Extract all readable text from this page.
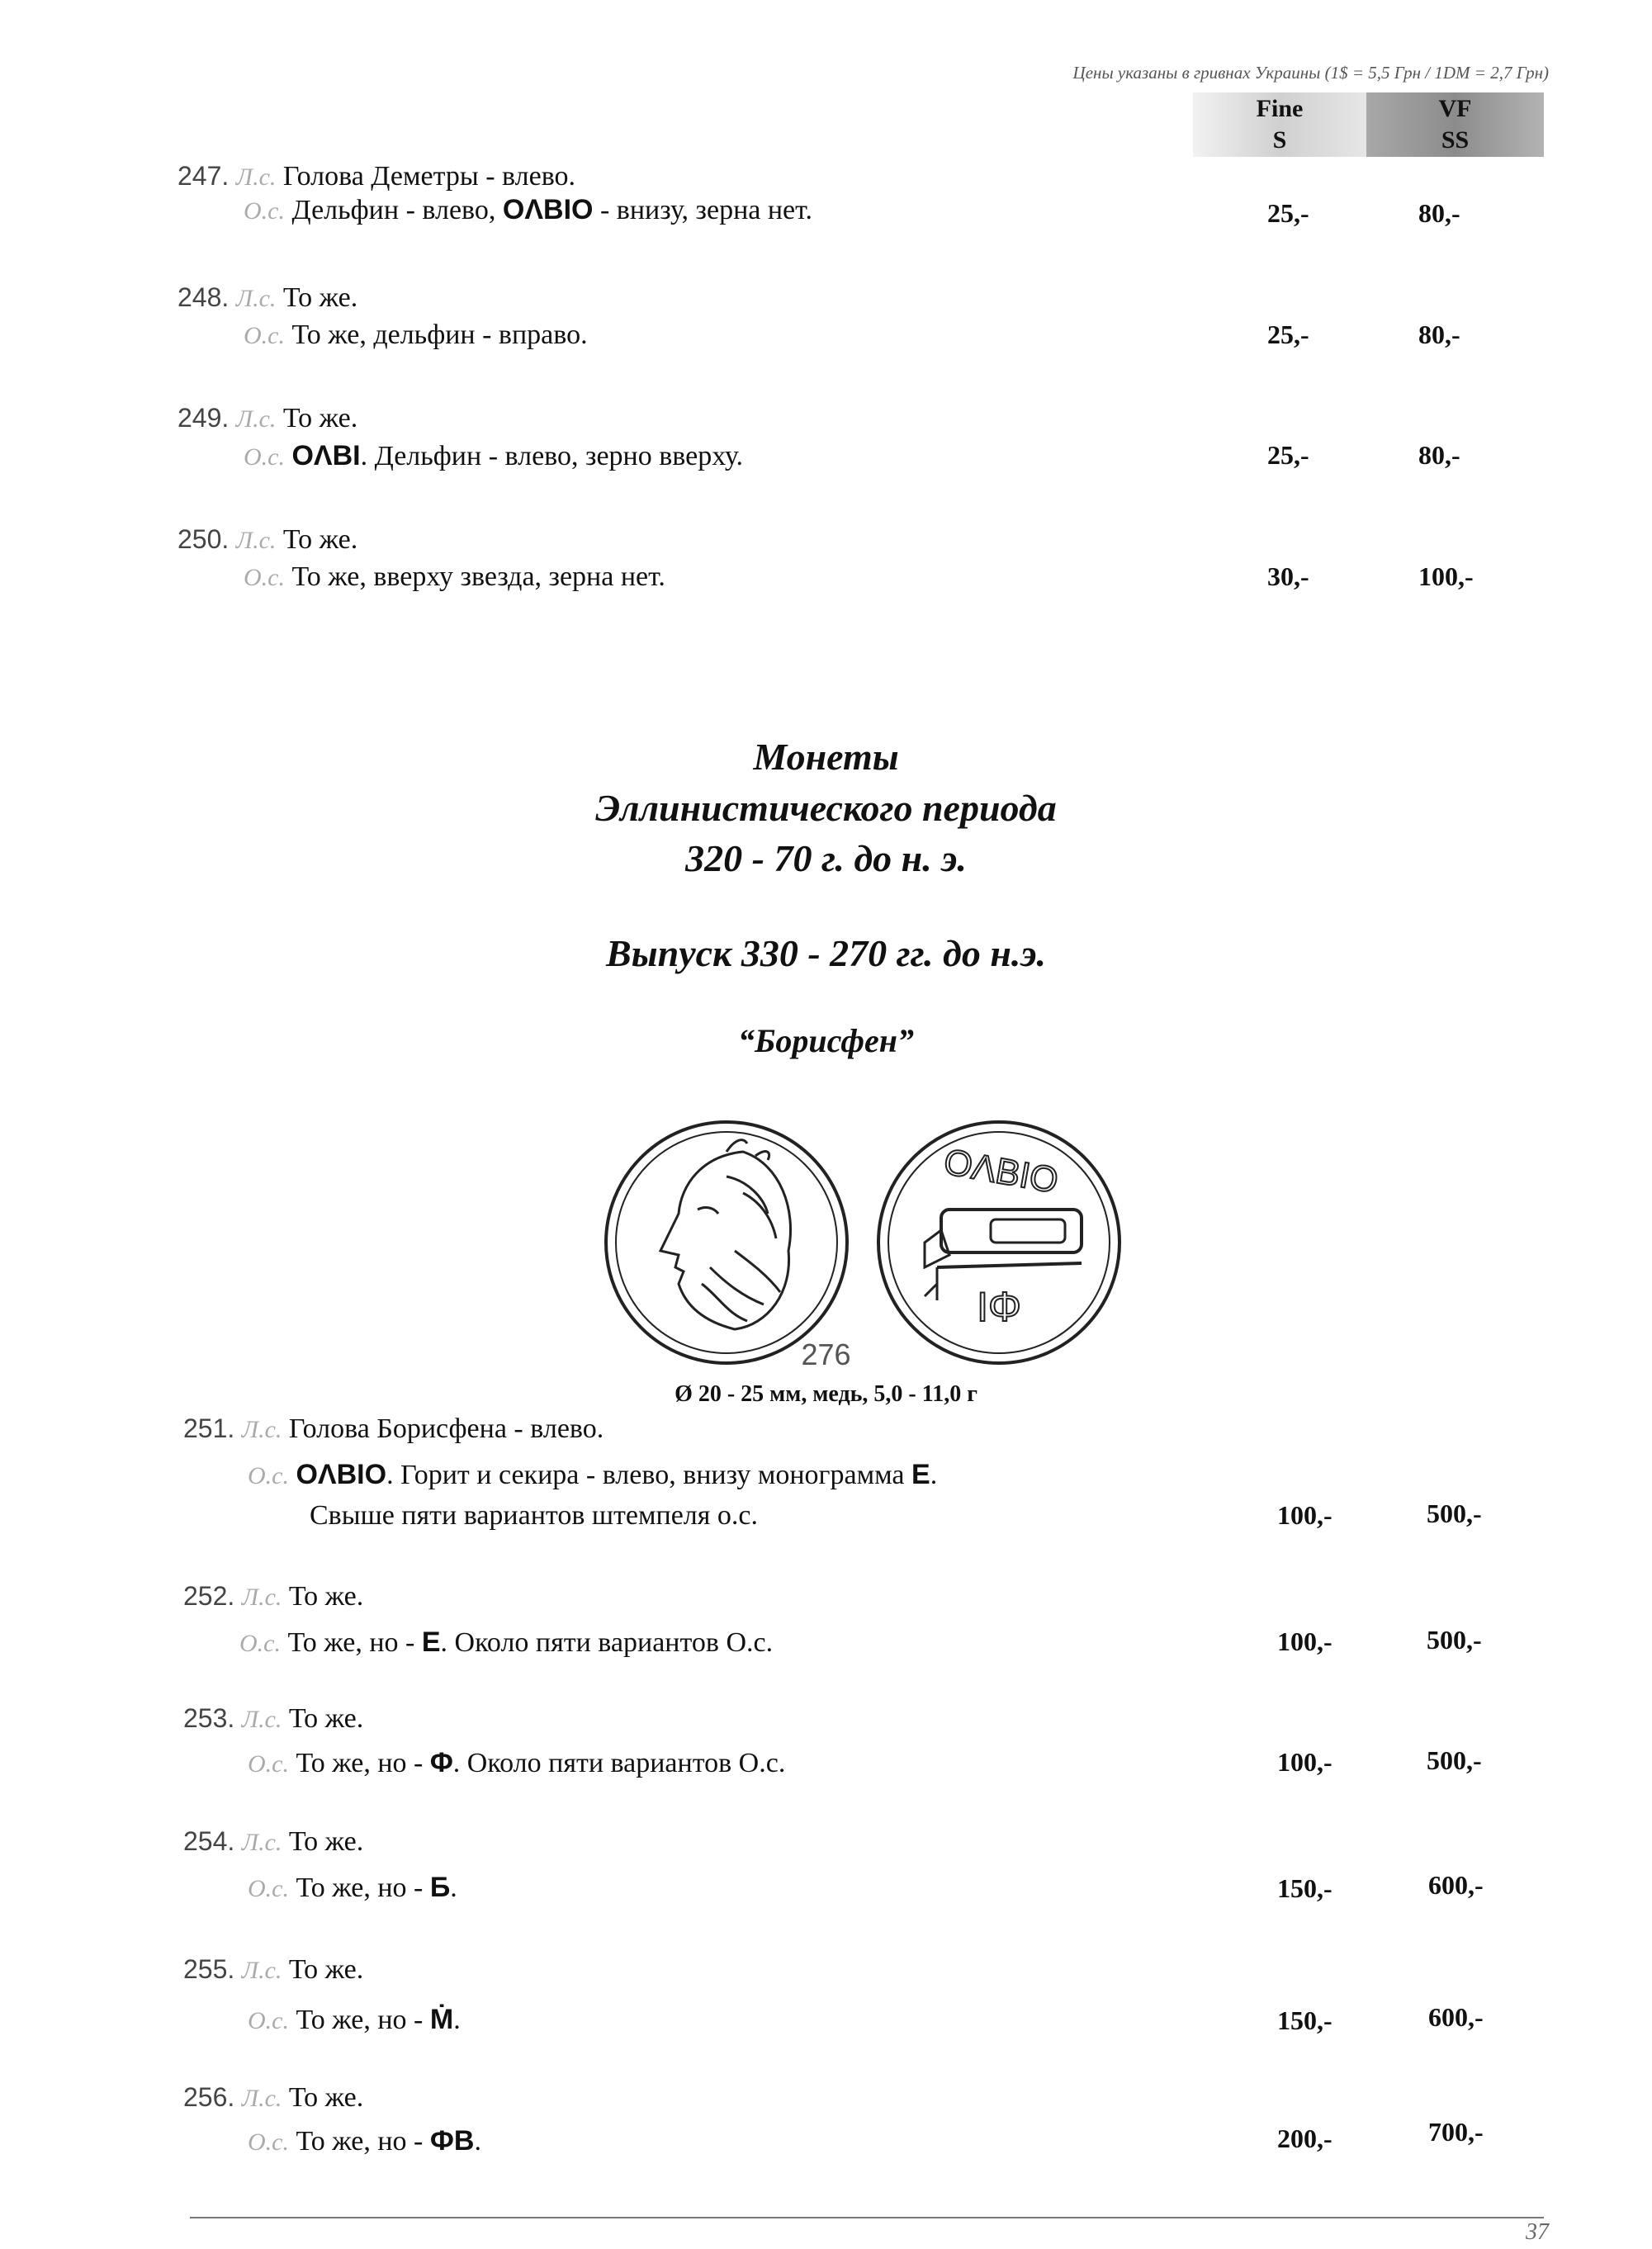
Цены указаны в гривнах Украины (1$ = 5,5 Грн / 1DM = 2,7 Грн)
Fine
S
VF
SS
247. Л.с. Голова Деметры - влево.
О.с. Дельфин - влево, ОΛBIO - внизу, зерна нет.	25,-	80,-
248. Л.с. То же.
О.с. То же, дельфин - вправо.	25,-	80,-
249. Л.с. То же.
О.с. ОΛBI. Дельфин - влево, зерно вверху.	25,-	80,-
250. Л.с. То же.
О.с. То же, вверху звезда, зерна нет.	30,-	100,-
Монеты
Эллинистического периода
320 - 70 г. до н. э.
Выпуск 330 - 270 гг. до н.э.
“Борисфен”
ОΛBIO
ΙΦ
276
Ø 20 - 25 мм, медь, 5,0 - 11,0 г
251. Л.с. Голова Борисфена - влево.
О.с. ОΛBIO. Горит и секира - влево, внизу монограмма Ε.
Свыше пяти вариантов штемпеля о.с.	100,-	500,-
252. Л.с. То же.
О.с. То же, но - Ε. Около пяти вариантов О.с.	100,-	500,-
253. Л.с. То же.
О.с. То же, но - Φ. Около пяти вариантов О.с.	100,-	500,-
254. Л.с. То же.
О.с. То же, но - Б.	150,-	600,-
255. Л.с. То же.
О.с. То же, но - Ṁ.	150,-	600,-
256. Л.с. То же.
О.с. То же, но - ФВ.	200,-	700,-
37
